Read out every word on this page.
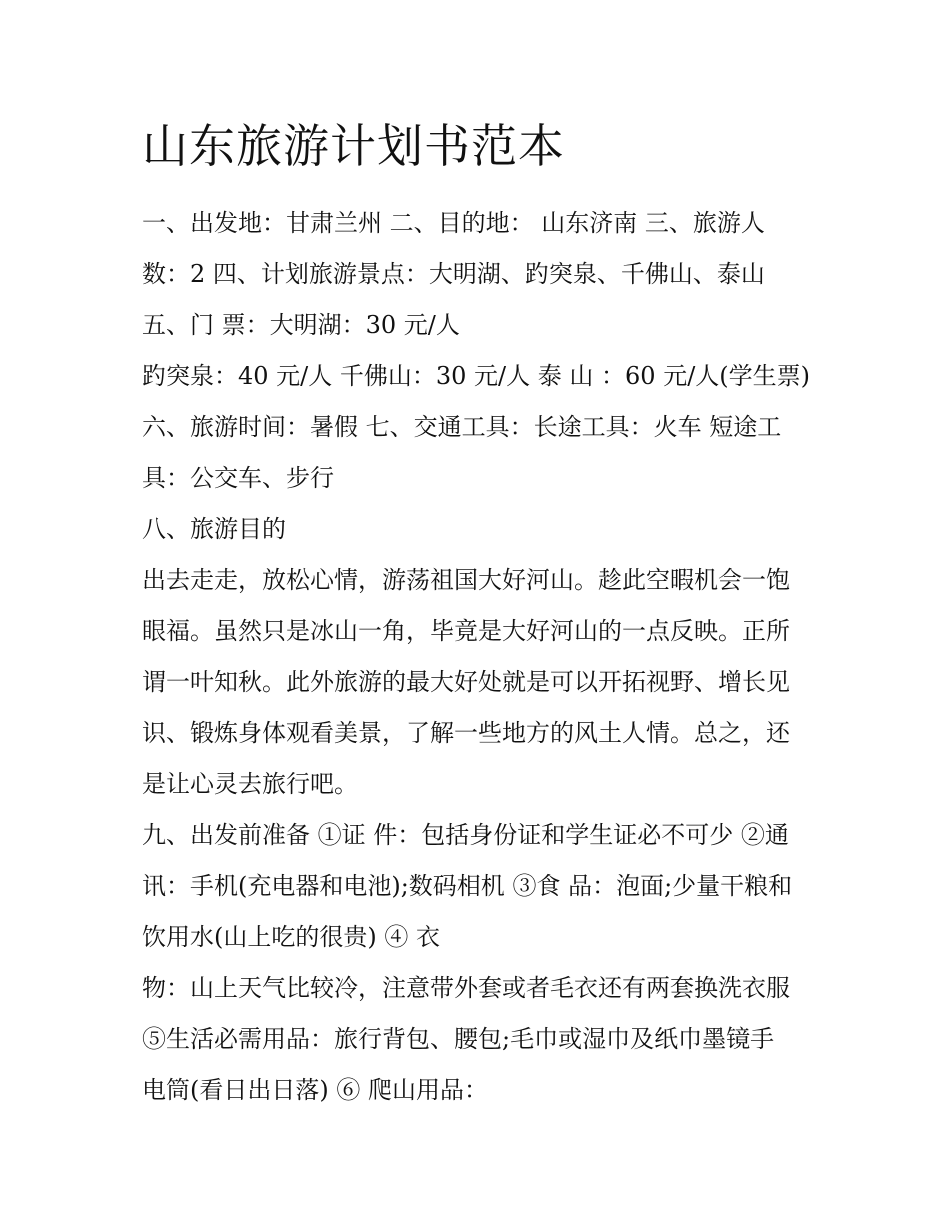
山东旅游计划书范本
一、出发地：甘肃兰州 二、目的地： 山东济南 三、旅游人
数：2 四、计划旅游景点：大明湖、趵突泉、千佛山、泰山
五、门 票：大明湖：30 元/人
趵突泉：40 元/人 千佛山：30 元/人 泰 山 ：60 元/人(学生票)
六、旅游时间：暑假 七、交通工具：长途工具：火车 短途工
具：公交车、步行
八、旅游目的
出去走走，放松心情，游荡祖国大好河山。趁此空暇机会一饱
眼福。虽然只是冰山一角，毕竟是大好河山的一点反映。正所
谓一叶知秋。此外旅游的最大好处就是可以开拓视野、增长见
识、锻炼身体观看美景，了解一些地方的风土人情。总之，还
是让心灵去旅行吧。
九、出发前准备 ①证 件：包括身份证和学生证必不可少 ②通
讯：手机(充电器和电池);数码相机 ③食 品：泡面;少量干粮和
饮用水(山上吃的很贵) ④ 衣
物：山上天气比较冷，注意带外套或者毛衣还有两套换洗衣服
⑤生活必需用品：旅行背包、腰包;毛巾或湿巾及纸巾墨镜手
电筒(看日出日落) ⑥ 爬山用品：
